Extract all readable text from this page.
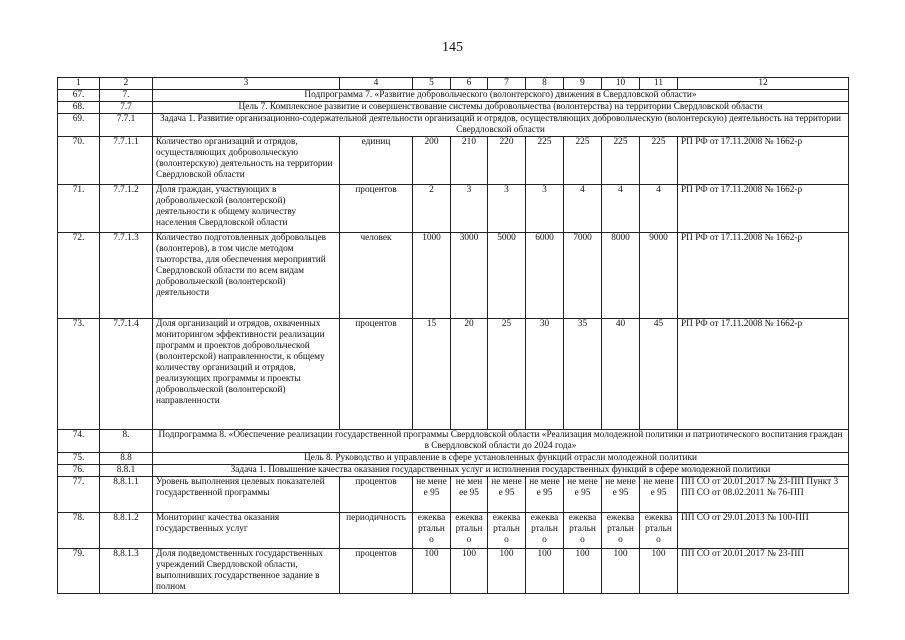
145
1	2	3	4	5	6	7	8	9	10	11	12
67.	7.	Подпрограмма 7. «Развитие добровольческого (волонтерского) движения в Свердловской области»									
68.	7.7	Цель 7. Комплексное развитие и совершенствование системы добровольчества (волонтерства) на территории Свердловской области									
69.	7.7.1	Задача 1. Развитие организационно-содержательной деятельности организаций и отрядов, осуществляющих добровольческую (волонтерскую) деятельность на территории Свердловской области									
70.	7.7.1.1	Количество организаций и отрядов, осуществляющих добровольческую (волонтерскую) деятельность на территории Свердловской области	единиц	200	210	220	225	225	225	225	РП РФ от 17.11.2008 № 1662-р
71.	7.7.1.2	Доля граждан, участвующих в добровольческой (волонтерской) деятельности к общему количеству населения Свердловской области	процентов	2	3	3	3	4	4	4	РП РФ от 17.11.2008 № 1662-р
72.	7.7.1.3	Количество подготовленных добровольцев (волонтеров), в том числе методом тьюторства, для обеспечения мероприятий Свердловской области по всем видам добровольческой (волонтерской) деятельности	человек	1000	3000	5000	6000	7000	8000	9000	РП РФ от 17.11.2008 № 1662-р
73.	7.7.1.4	Доля организаций и отрядов, охваченных мониторингом эффективности реализации программ и проектов добровольческой (волонтерской) направленности, к общему количеству организаций и отрядов, реализующих программы и проекты добровольческой (волонтерской) направленности	процентов	15	20	25	30	35	40	45	РП РФ от 17.11.2008 № 1662-р
74.	8.	Подпрограмма 8. «Обеспечение реализации государственной программы Свердловской области «Реализация молодежной политики и патриотического воспитания граждан в Свердловской области до 2024 года»									
75.	8.8	Цель 8. Руководство и управление в сфере установленных функций отрасли молодежной политики									
76.	8.8.1	Задача 1. Повышение качества оказания государственных услуг и исполнения государственных функций в сфере молодежной политики									
77.	8.8.1.1	Уровень выполнения целевых показателей государственной программы	процентов	не менее 95	не менее 95	не менее 95	не менее 95	не менее 95	не менее 95	не менее 95	ПП СО от 20.01.2017 № 23-ПП Пункт 3 ПП СО от 08.02.2011 № 76-ПП
78.	8.8.1.2	Мониторинг качества оказания государственных услуг	периодичность	ежеквартально	ежеквартально	ежеквартально	ежеквартально	ежеквартально	ежеквартально	ежеквартально	ПП СО от 29.01.2013 № 100-ПП
79.	8.8.1.3	Доля подведомственных государственных учреждений Свердловской области, выполнивших государственное задание в полном	процентов	100	100	100	100	100	100	100	ПП СО от 20.01.2017 № 23-ПП
